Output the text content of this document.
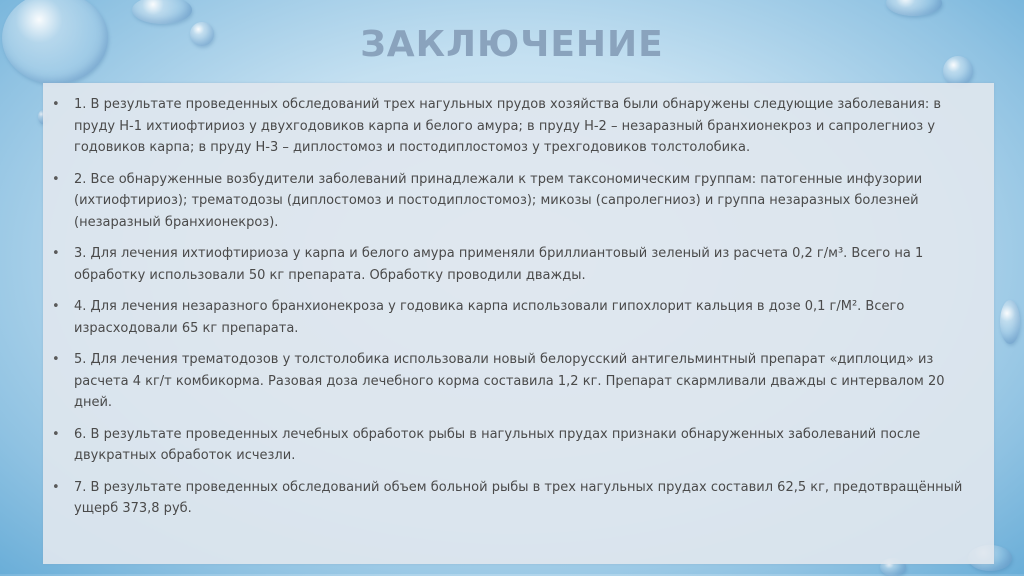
ЗАКЛЮЧЕНИЕ
• 1. В результате проведенных обследований трех нагульных прудов хозяйства были обнаружены следующие заболевания: в пруду Н-1 ихтиофтириоз у двухгодовиков карпа и белого амура; в пруду Н-2 – незаразный бранхионекроз и сапролегниоз у годовиков карпа; в пруду Н-3 – диплостомоз и постодиплостомоз у трехгодовиков толстолобика.
• 2. Все обнаруженные возбудители заболеваний принадлежали к трем таксономическим группам: патогенные инфузории (ихтиофтириоз); трематодозы (диплостомоз и постодиплостомоз); микозы (сапролегниоз) и группа незаразных болезней (незаразный бранхионекроз).
• 3. Для лечения ихтиофтириоза у карпа и белого амура применяли бриллиантовый зеленый из расчета 0,2 г/м³. Всего на 1 обработку использовали 50 кг препарата. Обработку проводили дважды.
• 4. Для лечения незаразного бранхионекроза у годовика карпа использовали гипохлорит кальция в дозе 0,1 г/М². Всего израсходовали 65 кг препарата.
• 5. Для лечения трематодозов у толстолобика использовали новый белорусский антигельминтный препарат «диплоцид» из расчета 4 кг/т комбикорма. Разовая доза лечебного корма составила 1,2 кг. Препарат скармливали дважды с интервалом 20 дней.
• 6. В результате проведенных лечебных обработок рыбы в нагульных прудах признаки обнаруженных заболеваний после двукратных обработок исчезли.
• 7. В результате проведенных обследований объем больной рыбы в трех нагульных прудах составил 62,5 кг, предотвращённый ущерб 373,8 руб.
